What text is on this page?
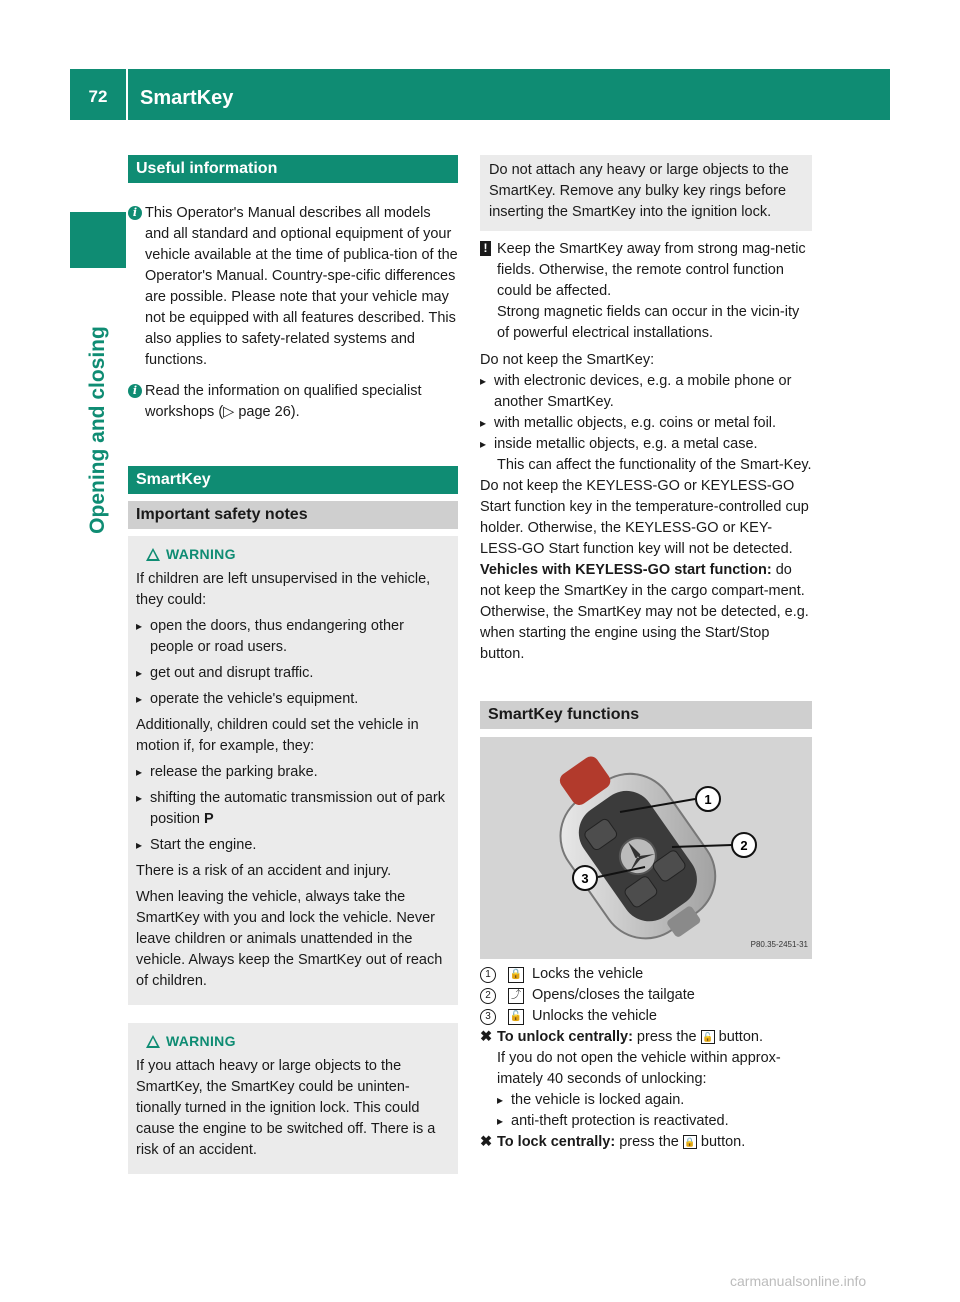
72	SmartKey
Opening and closing
Useful information

i This Operator's Manual describes all models and all standard and optional equipment of your vehicle available at the time of publica-tion of the Operator's Manual. Country-spe-cific differences are possible. Please note that your vehicle may not be equipped with all features described. This also applies to safety-related systems and functions.

i Read the information on qualified specialist workshops (▷ page 26).

SmartKey
Important safety notes
WARNING

If children are left unsupervised in the vehicle, they could:

▸ open the doors, thus endangering other people or road users.

▸ get out and disrupt traffic.

▸ operate the vehicle's equipment.

Additionally, children could set the vehicle in motion if, for example, they:

▸ release the parking brake.

▸ shifting the automatic transmission out of park position P

▸ Start the engine.

There is a risk of an accident and injury.

When leaving the vehicle, always take the SmartKey with you and lock the vehicle. Never leave children or animals unattended in the vehicle. Always keep the SmartKey out of reach of children.

WARNING

If you attach heavy or large objects to the SmartKey, the SmartKey could be uninten-tionally turned in the ignition lock. This could cause the engine to be switched off. There is a risk of an accident.

Do not attach any heavy or large objects to the SmartKey. Remove any bulky key rings before inserting the SmartKey into the ignition lock.

! Keep the SmartKey away from strong mag-netic fields. Otherwise, the remote control function could be affected.

Strong magnetic fields can occur in the vicin-ity of powerful electrical installations.

Do not keep the SmartKey:

▸ with electronic devices, e.g. a mobile phone or another SmartKey.

▸ with metallic objects, e.g. coins or metal foil.

▸ inside metallic objects, e.g. a metal case.

This can affect the functionality of the Smart-Key.

Do not keep the KEYLESS-GO or KEYLESS-GO Start function key in the temperature-controlled cup holder. Otherwise, the KEYLESS-GO or KEY-LESS-GO Start function key will not be detected.

Vehicles with KEYLESS-GO start function: do not keep the SmartKey in the cargo compart-ment. Otherwise, the SmartKey may not be detected, e.g. when starting the engine using the Start/Stop button.

SmartKey functions
1
2
3
P80.35-2451-31
1	🔒 Locks the vehicle
2	⤴ Opens/closes the tailgate
3	🔓 Unlocks the vehicle

✖ To unlock centrally: press the 🔓 button.

If you do not open the vehicle within approx-imately 40 seconds of unlocking:

▸ the vehicle is locked again.

▸ anti-theft protection is reactivated.

✖ To lock centrally: press the 🔒 button.

carmanualsonline.info
